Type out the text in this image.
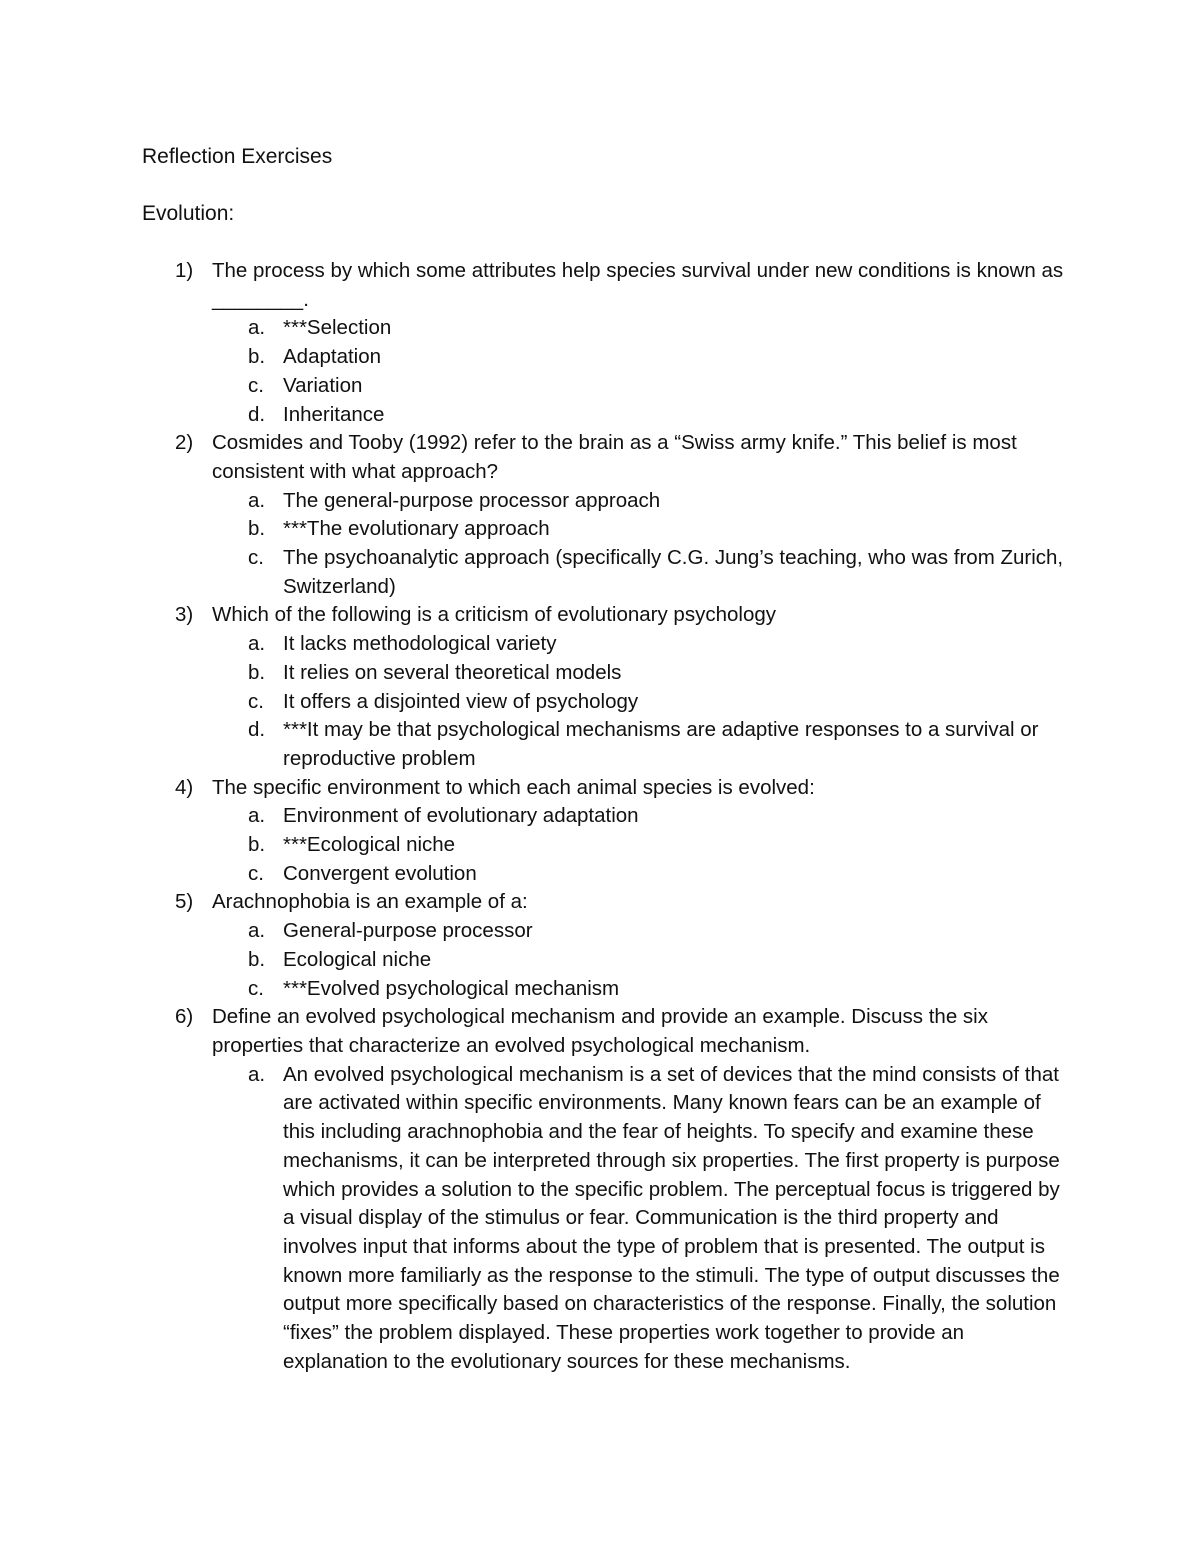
Reflection Exercises
Evolution:
1) The process by which some attributes help species survival under new conditions is known as ________.
a. ***Selection
b. Adaptation
c. Variation
d. Inheritance
2) Cosmides and Tooby (1992) refer to the brain as a “Swiss army knife.” This belief is most consistent with what approach?
a. The general-purpose processor approach
b. ***The evolutionary approach
c. The psychoanalytic approach (specifically C.G. Jung’s teaching, who was from Zurich, Switzerland)
3) Which of the following is a criticism of evolutionary psychology
a. It lacks methodological variety
b. It relies on several theoretical models
c. It offers a disjointed view of psychology
d. ***It may be that psychological mechanisms are adaptive responses to a survival or reproductive problem
4) The specific environment to which each animal species is evolved:
a. Environment of evolutionary adaptation
b. ***Ecological niche
c. Convergent evolution
5) Arachnophobia is an example of a:
a. General-purpose processor
b. Ecological niche
c. ***Evolved psychological mechanism
6) Define an evolved psychological mechanism and provide an example. Discuss the six properties that characterize an evolved psychological mechanism.
a. An evolved psychological mechanism is a set of devices that the mind consists of that are activated within specific environments. Many known fears can be an example of this including arachnophobia and the fear of heights. To specify and examine these mechanisms, it can be interpreted through six properties. The first property is purpose which provides a solution to the specific problem. The perceptual focus is triggered by a visual display of the stimulus or fear. Communication is the third property and involves input that informs about the type of problem that is presented. The output is known more familiarly as the response to the stimuli. The type of output discusses the output more specifically based on characteristics of the response. Finally, the solution “fixes” the problem displayed. These properties work together to provide an explanation to the evolutionary sources for these mechanisms.
